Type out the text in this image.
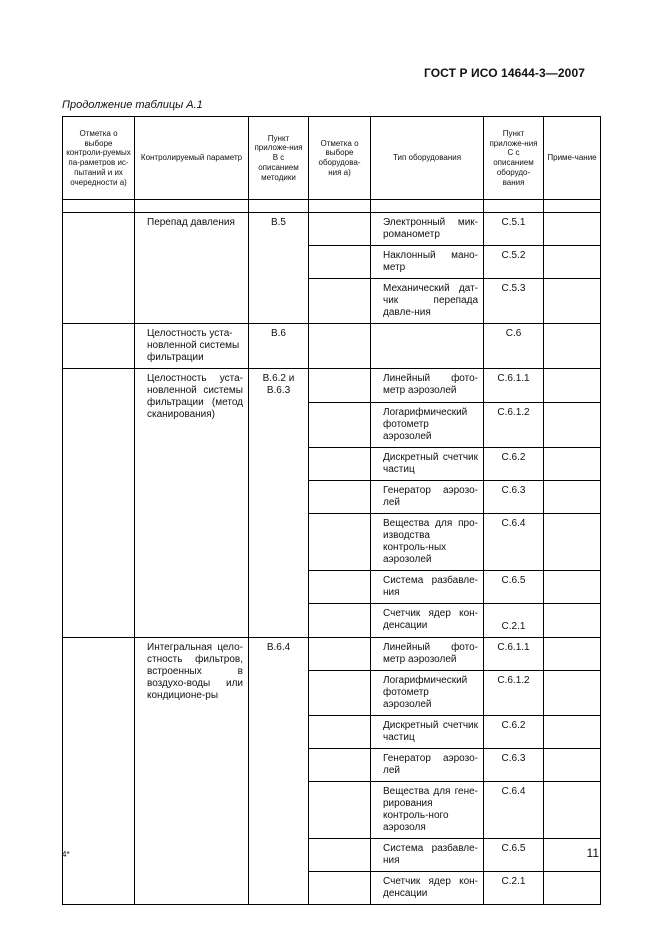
ГОСТ Р ИСО 14644-3—2007
Продолжение таблицы А.1
Отметка о выборе контроли-руемых па-раметров ис-пытаний и их очередности а)	Контролируемый параметр	Пункт приложе-ния В с описанием методики	Отметка о выборе оборудова-ния а)	Тип оборудования	Пункт приложе-ния С с описанием оборудо-вания	Приме-чание

	Перепад давления	В.5		Электронный мик-романометр	С.5.1	
				Наклонный мано-метр	С.5.2	
				Механический дат-чик перепада давле-ния	С.5.3	
	Целостность уста-новленной системы фильтрации	В.6			С.6	
	Целостность уста-новленной системы фильтрации (метод сканирования)	В.6.2 и В.6.3		Линейный фото-метр аэрозолей	С.6.1.1	
				Логарифмический фотометр аэрозолей	С.6.1.2	
				Дискретный счетчик частиц	С.6.2	
				Генератор аэрозо-лей	С.6.3	
				Вещества для про-изводства контроль-ных аэрозолей	С.6.4	
				Система разбавле-ния	С.6.5	
				Счетчик ядер кон-денсации	С.2.1	
	Интегральная цело-стность фильтров, встроенных в воздухо-воды или кондиционе-ры	В.6.4		Линейный фото-метр аэрозолей	С.6.1.1	
				Логарифмический фотометр аэрозолей	С.6.1.2	
				Дискретный счетчик частиц	С.6.2	
				Генератор аэрозо-лей	С.6.3	
				Вещества для гене-рирования контроль-ного аэрозоля	С.6.4	
				Система разбавле-ния	С.6.5	
				Счетчик ядер кон-денсации	С.2.1	
4*	11
